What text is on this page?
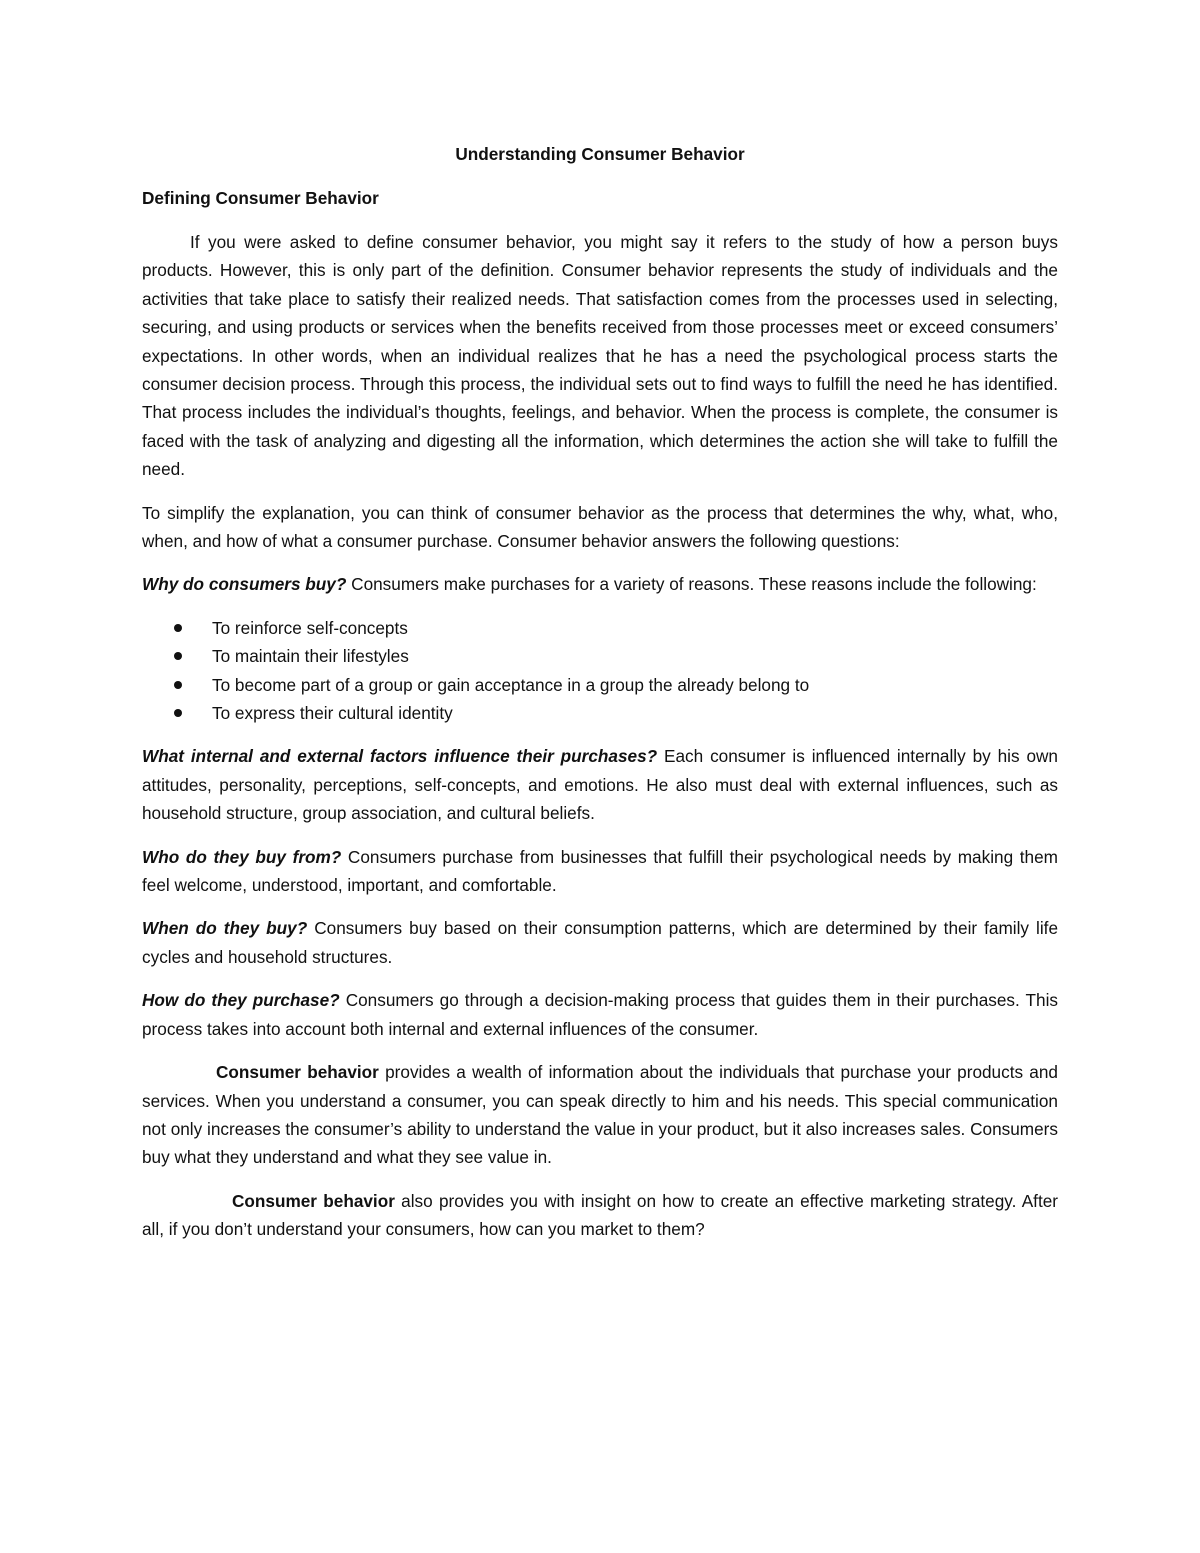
Understanding Consumer Behavior
Defining Consumer Behavior

If you were asked to define consumer behavior, you might say it refers to the study of how a person buys products. However, this is only part of the definition. Consumer behavior represents the study of individuals and the activities that take place to satisfy their realized needs. That satisfaction comes from the processes used in selecting, securing, and using products or services when the benefits received from those processes meet or exceed consumers’ expectations. In other words, when an individual realizes that he has a need the psychological process starts the consumer decision process. Through this process, the individual sets out to find ways to fulfill the need he has identified. That process includes the individual’s thoughts, feelings, and behavior. When the process is complete, the consumer is faced with the task of analyzing and digesting all the information, which determines the action she will take to fulfill the need.

To simplify the explanation, you can think of consumer behavior as the process that determines the why, what, who, when, and how of what a consumer purchase. Consumer behavior answers the following questions:

Why do consumers buy? Consumers make purchases for a variety of reasons. These reasons include the following:

To reinforce self-concepts
To maintain their lifestyles
To become part of a group or gain acceptance in a group the already belong to
To express their cultural identity

What internal and external factors influence their purchases? Each consumer is influenced internally by his own attitudes, personality, perceptions, self-concepts, and emotions. He also must deal with external influences, such as household structure, group association, and cultural beliefs.

Who do they buy from? Consumers purchase from businesses that fulfill their psychological needs by making them feel welcome, understood, important, and comfortable.

When do they buy? Consumers buy based on their consumption patterns, which are determined by their family life cycles and household structures.

How do they purchase? Consumers go through a decision-making process that guides them in their purchases. This process takes into account both internal and external influences of the consumer.

Consumer behavior provides a wealth of information about the individuals that purchase your products and services. When you understand a consumer, you can speak directly to him and his needs. This special communication not only increases the consumer’s ability to understand the value in your product, but it also increases sales. Consumers buy what they understand and what they see value in.

Consumer behavior also provides you with insight on how to create an effective marketing strategy. After all, if you don’t understand your consumers, how can you market to them?
